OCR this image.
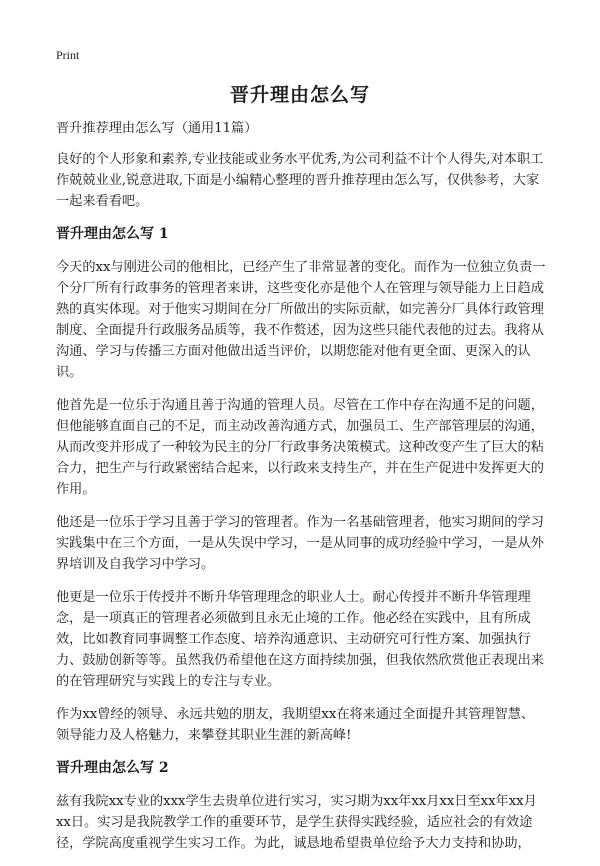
Print
晋升理由怎么写

晋升推荐理由怎么写（通用11篇）

良好的个人形象和素养,专业技能或业务水平优秀,为公司利益不计个人得失,对本职工作兢兢业业,锐意进取,下面是小编精心整理的晋升推荐理由怎么写，仅供参考，大家一起来看看吧。

晋升理由怎么写 1

今天的xx与刚进公司的他相比，已经产生了非常显著的变化。而作为一位独立负责一个分厂所有行政事务的管理者来讲，这些变化亦是他个人在管理与领导能力上日趋成熟的真实体现。对于他实习期间在分厂所做出的实际贡献，如完善分厂具体行政管理制度、全面提升行政服务品质等，我不作赘述，因为这些只能代表他的过去。我将从沟通、学习与传播三方面对他做出适当评价，以期您能对他有更全面、更深入的认识。

他首先是一位乐于沟通且善于沟通的管理人员。尽管在工作中存在沟通不足的问题，但他能够直面自己的不足，而主动改善沟通方式，加强员工、生产部管理层的沟通，从而改变并形成了一种较为民主的分厂行政事务决策模式。这种改变产生了巨大的粘合力，把生产与行政紧密结合起来，以行政来支持生产，并在生产促进中发挥更大的作用。

他还是一位乐于学习且善于学习的管理者。作为一名基础管理者，他实习期间的学习实践集中在三个方面，一是从失误中学习，一是从同事的成功经验中学习，一是从外界培训及自我学习中学习。

他更是一位乐于传授并不断升华管理理念的职业人士。耐心传授并不断升华管理理念，是一项真正的管理者必须做到且永无止境的工作。他必经在实践中，且有所成效，比如教育同事调整工作态度、培养沟通意识、主动研究可行性方案、加强执行力、鼓励创新等等。虽然我仍希望他在这方面持续加强，但我依然欣赏他正表现出来的在管理研究与实践上的专注与专业。

作为xx曾经的领导、永远共勉的朋友，我期望xx在将来通过全面提升其管理智慧、领导能力及人格魅力，来攀登其职业生涯的新高峰!

晋升理由怎么写 2

兹有我院xx专业的xxx学生去贵单位进行实习，实习期为xx年xx月xx日至xx年xx月xx日。实习是我院教学工作的重要环节，是学生获得实践经验，适应社会的有效途径，学院高度重视学生实习工作。为此，诚恳地希望贵单位给予大力支持和协助，
